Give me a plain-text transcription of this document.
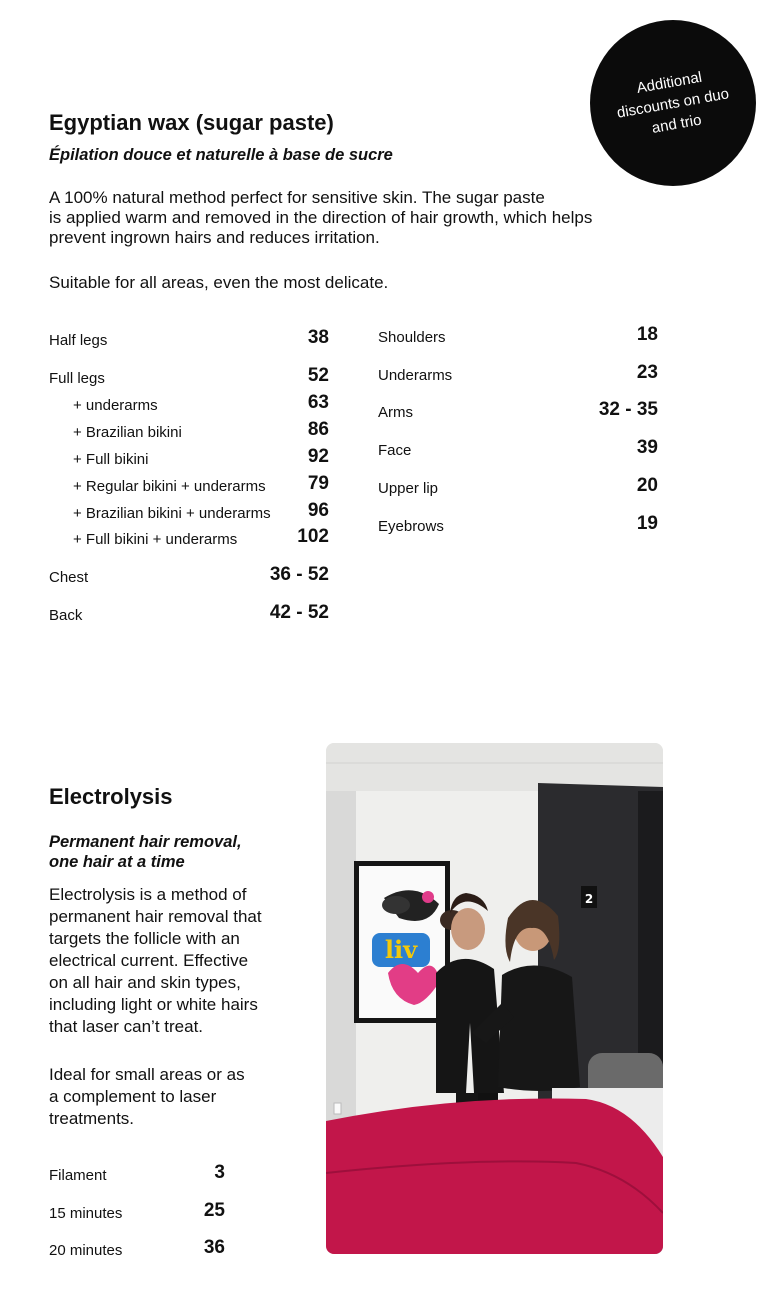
Additional discounts on duo and trio
Egyptian wax (sugar paste)
Épilation douce et naturelle à base de sucre
A 100% natural method perfect for sensitive skin. The sugar paste
is applied warm and removed in the direction of hair growth, which helps
prevent ingrown hairs and reduces irritation.
Suitable for all areas, even the most delicate.
Half legs	38
Full legs	52
+ underarms	63
+ Brazilian bikini	86
+ Full bikini	92
+ Regular bikini + underarms 79
+ Brazilian bikini + underarms 96
+ Full bikini + underarms	102
Chest	36 - 52
Back	42 - 52
Shoulders	18
Underarms	23
Arms	32 - 35
Face	39
Upper lip	20
Eyebrows	19
Electrolysis
Permanent hair removal,
one hair at a time
Electrolysis is a method of
permanent hair removal that
targets the follicle with an
electrical current. Effective
on all hair and skin types,
including light or white hairs
that laser can’t treat.
Ideal for small areas or as
a complement to laser
treatments.
Filament	3
15 minutes	25
20 minutes	36
2
liv
